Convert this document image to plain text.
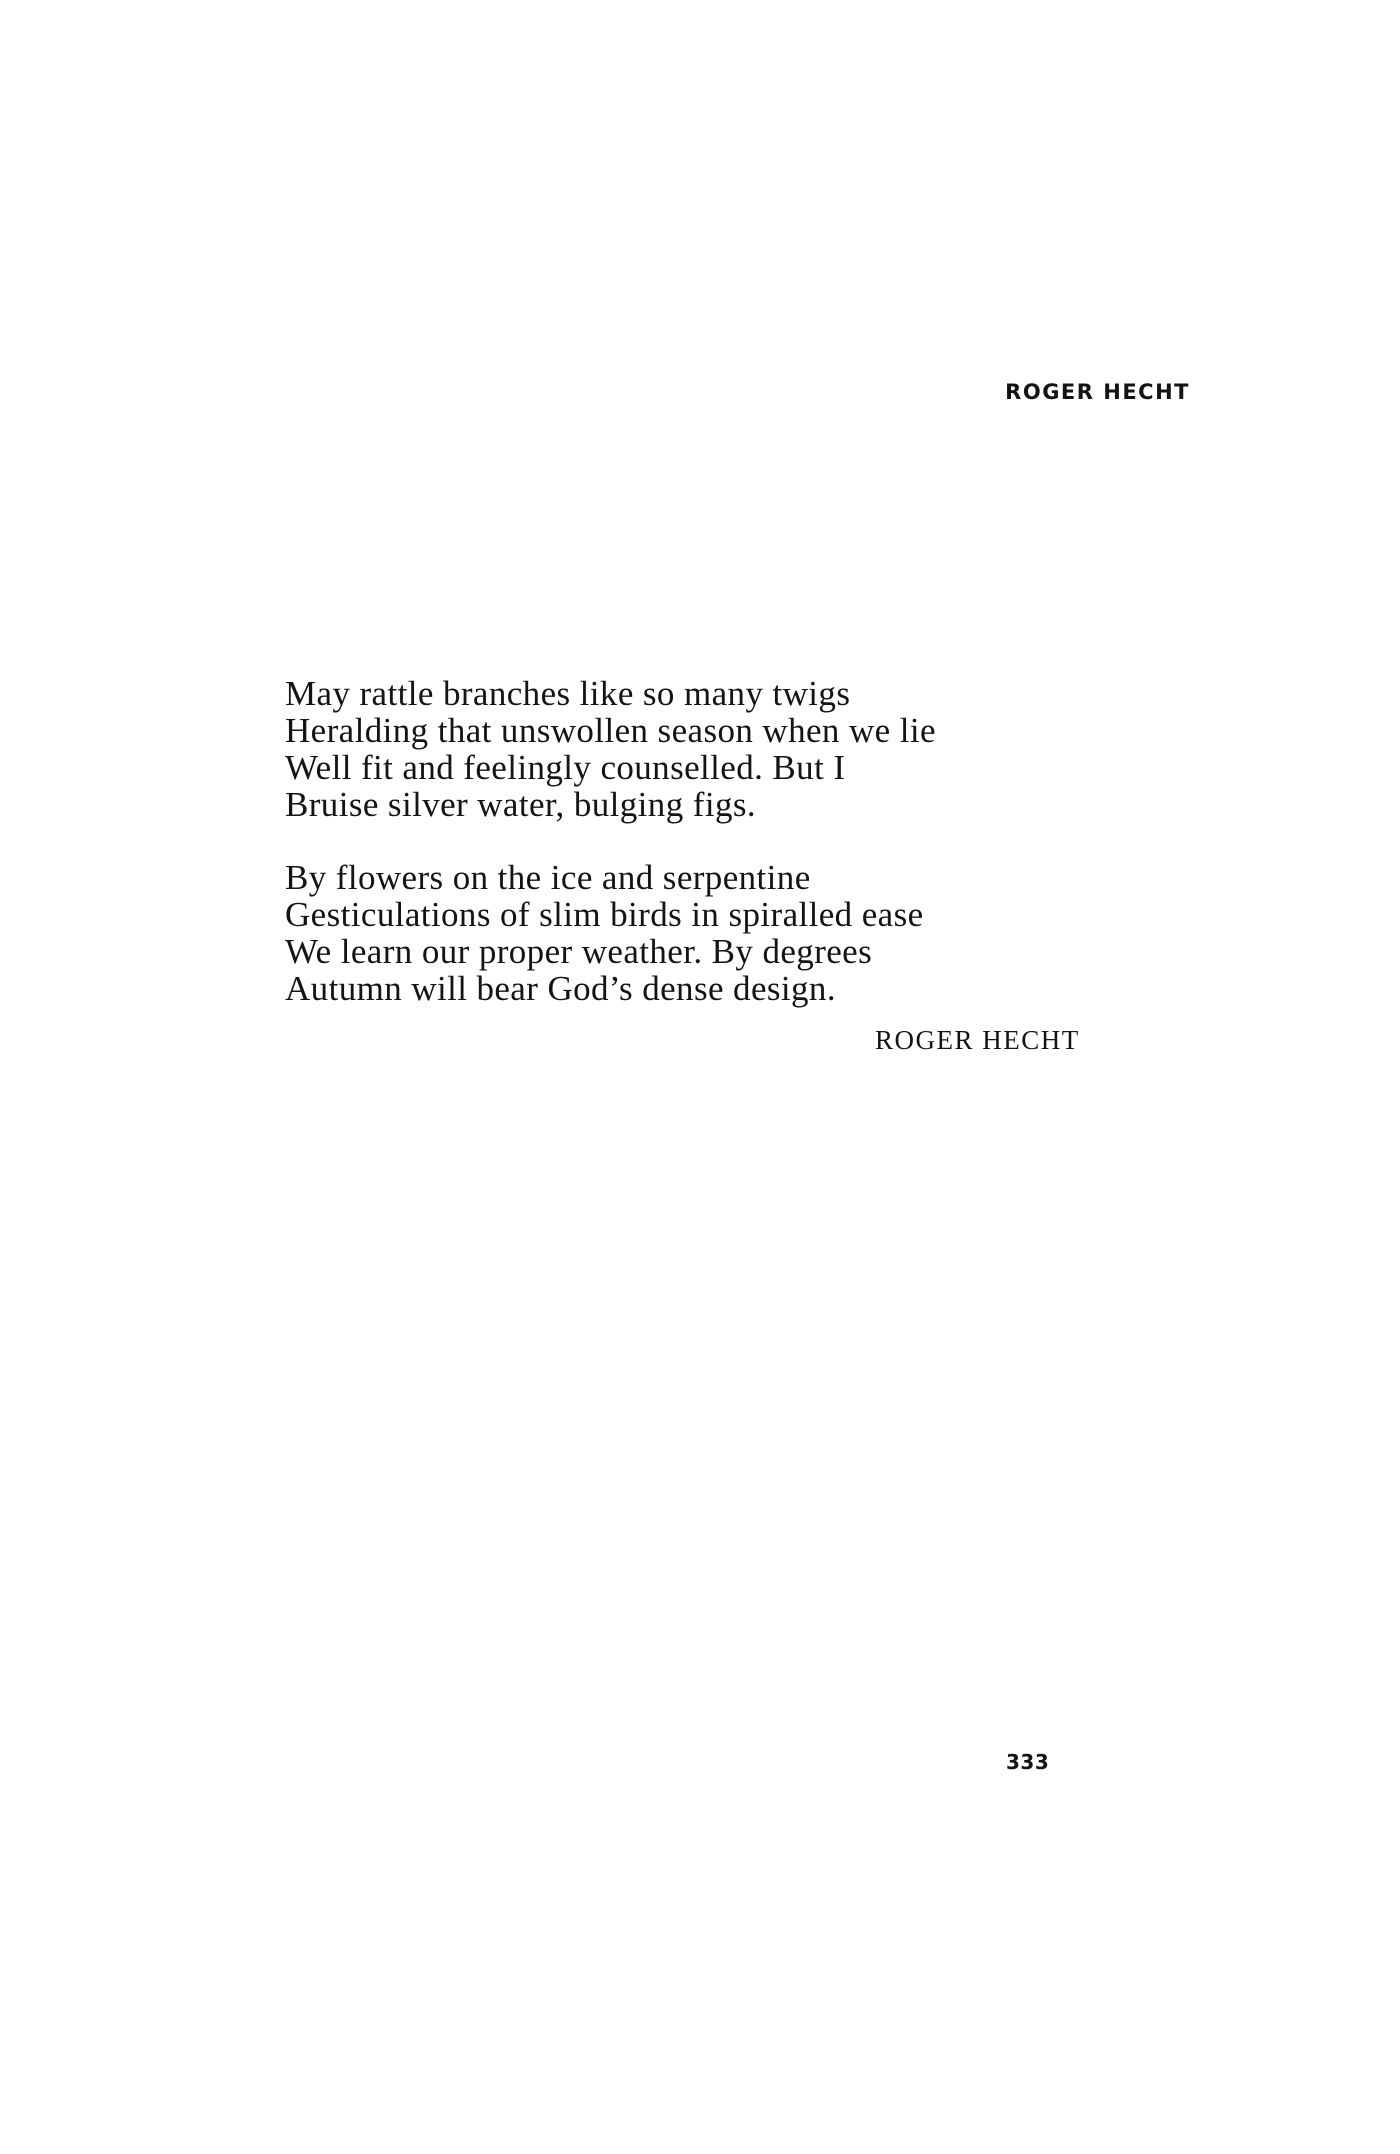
ROGER HECHT
May rattle branches like so many twigs
Heralding that unswollen season when we lie
Well fit and feelingly counselled. But I
Bruise silver water, bulging figs.
By flowers on the ice and serpentine
Gesticulations of slim birds in spiralled ease
We learn our proper weather. By degrees
Autumn will bear God’s dense design.
ROGER HECHT
333
